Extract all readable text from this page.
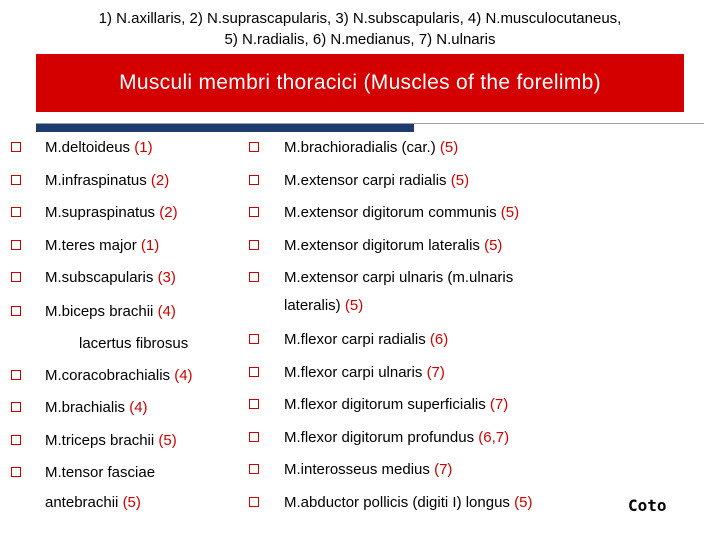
1) N.axillaris, 2) N.suprascapularis, 3) N.subscapularis, 4) N.musculocutaneus,
5) N.radialis, 6) N.medianus, 7) N.ulnaris
Musculi membri thoracici (Muscles of the forelimb)
M.deltoideus (1)
M.infraspinatus (2)
M.supraspinatus (2)
M.teres major (1)
M.subscapularis (3)
M.biceps brachii (4)
lacertus fibrosus
M.coracobrachialis (4)
M.brachialis (4)
M.triceps brachii (5)
M.tensor fasciae
antebrachii (5)
M.brachioradialis (car.) (5)
M.extensor carpi radialis (5)
M.extensor digitorum communis (5)
M.extensor digitorum lateralis (5)
M.extensor carpi ulnaris (m.ulnaris
lateralis) (5)
M.flexor carpi radialis (6)
M.flexor carpi ulnaris (7)
M.flexor digitorum superficialis (7)
M.flexor digitorum profundus (6,7)
M.interosseus medius (7)
M.abductor pollicis (digiti I) longus (5)	Coto
